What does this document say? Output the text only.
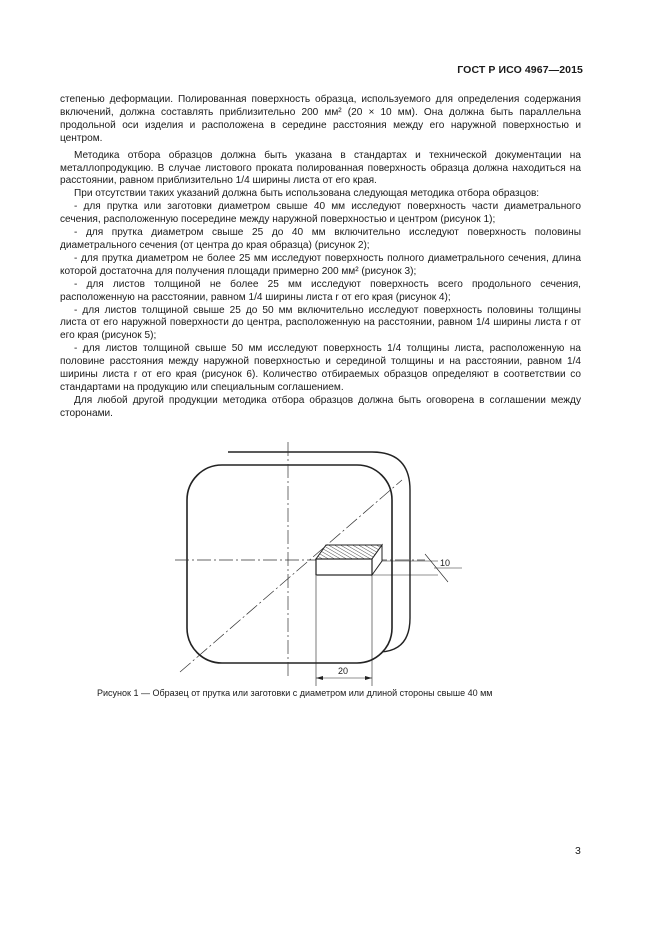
ГОСТ Р ИСО 4967—2015

степенью деформации. Полированная поверхность образца, используемого для определения содержания включений, должна составлять приблизительно 200 мм² (20 × 10 мм). Она должна быть параллельна продольной оси изделия и расположена в середине расстояния между его наружной поверхностью и центром.

Методика отбора образцов должна быть указана в стандартах и технической документации на металлопродукцию. В случае листового проката полированная поверхность образца должна находиться на расстоянии, равном приблизительно 1/4 ширины листа от его края.

При отсутствии таких указаний должна быть использована следующая методика отбора образцов:

- для прутка или заготовки диаметром свыше 40 мм исследуют поверхность части диаметрального сечения, расположенную посередине между наружной поверхностью и центром (рисунок 1);

- для прутка диаметром свыше 25 до 40 мм включительно исследуют поверхность половины диаметрального сечения (от центра до края образца) (рисунок 2);

- для прутка диаметром не более 25 мм исследуют поверхность полного диаметрального сечения, длина которой достаточна для получения площади примерно 200 мм² (рисунок 3);

- для листов толщиной не более 25 мм исследуют поверхность всего продольного сечения, расположенную на расстоянии, равном 1/4 ширины листа r от его края (рисунок 4);

- для листов толщиной свыше 25 до 50 мм включительно исследуют поверхность половины толщины листа от его наружной поверхности до центра, расположенную на расстоянии, равном 1/4 ширины листа r от его края (рисунок 5);

- для листов толщиной свыше 50 мм исследуют поверхность 1/4 толщины листа, расположенную на половине расстояния между наружной поверхностью и серединой толщины и на расстоянии, равном 1/4 ширины листа r от его края (рисунок 6). Количество отбираемых образцов определяют в соответствии со стандартами на продукцию или специальным соглашением.

Для любой другой продукции методика отбора образцов должна быть оговорена в соглашении между сторонами.

10
20
Рисунок 1 — Образец от прутка или заготовки с диаметром или длиной стороны свыше 40 мм
3
